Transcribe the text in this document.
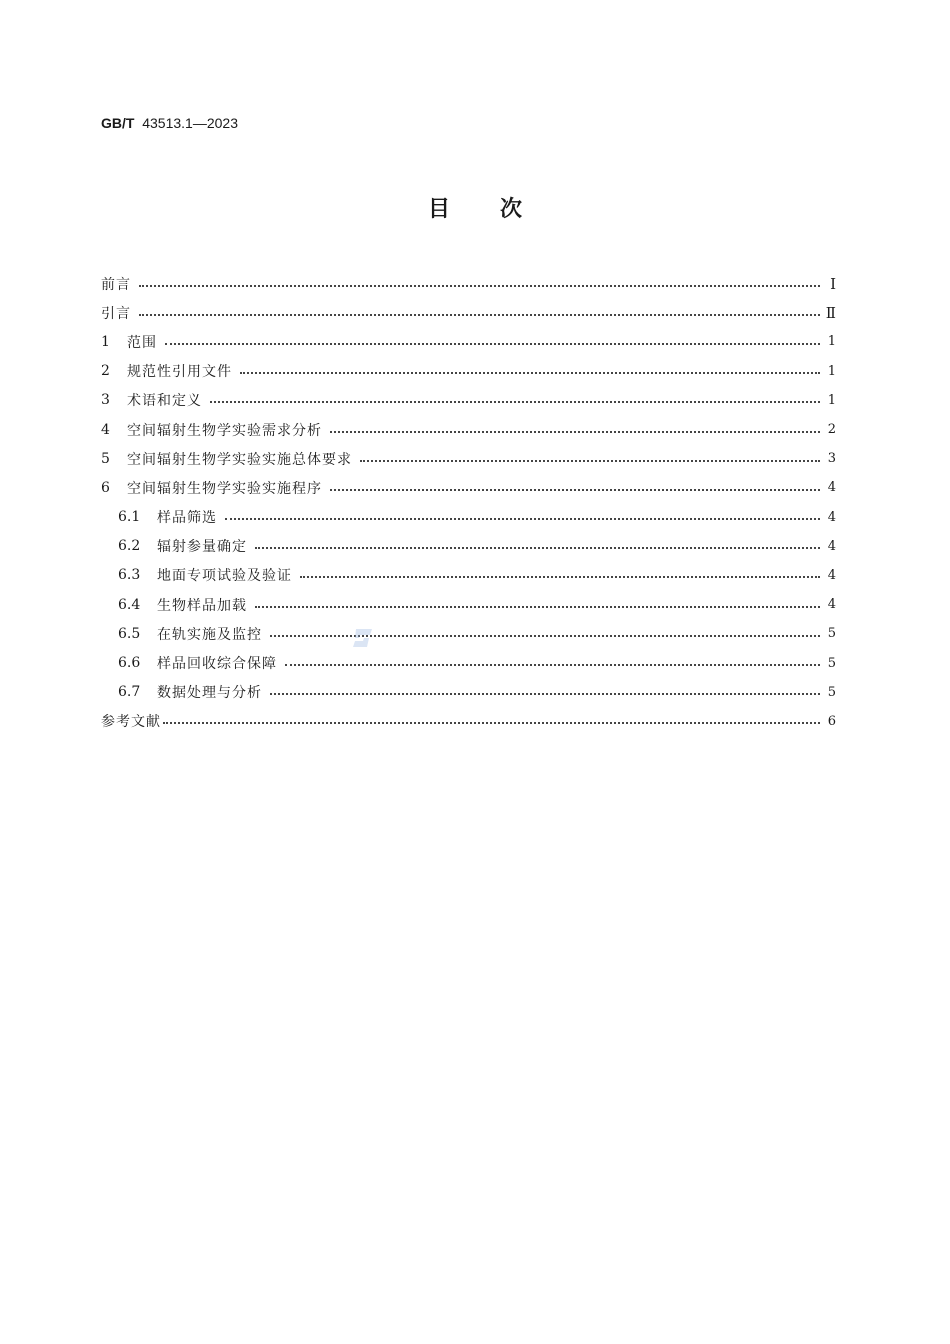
GB/T 43513.1—2023
目 次
前言	Ⅰ
引言	Ⅱ
1	范围	1
2	规范性引用文件	1
3	术语和定义	1
4	空间辐射生物学实验需求分析	2
5	空间辐射生物学实验实施总体要求	3
6	空间辐射生物学实验实施程序	4
6.1	样品筛选	4
6.2	辐射参量确定	4
6.3	地面专项试验及验证	4
6.4	生物样品加载	4
6.5	在轨实施及监控	5
6.6	样品回收综合保障	5
6.7	数据处理与分析	5
参考文献	6
